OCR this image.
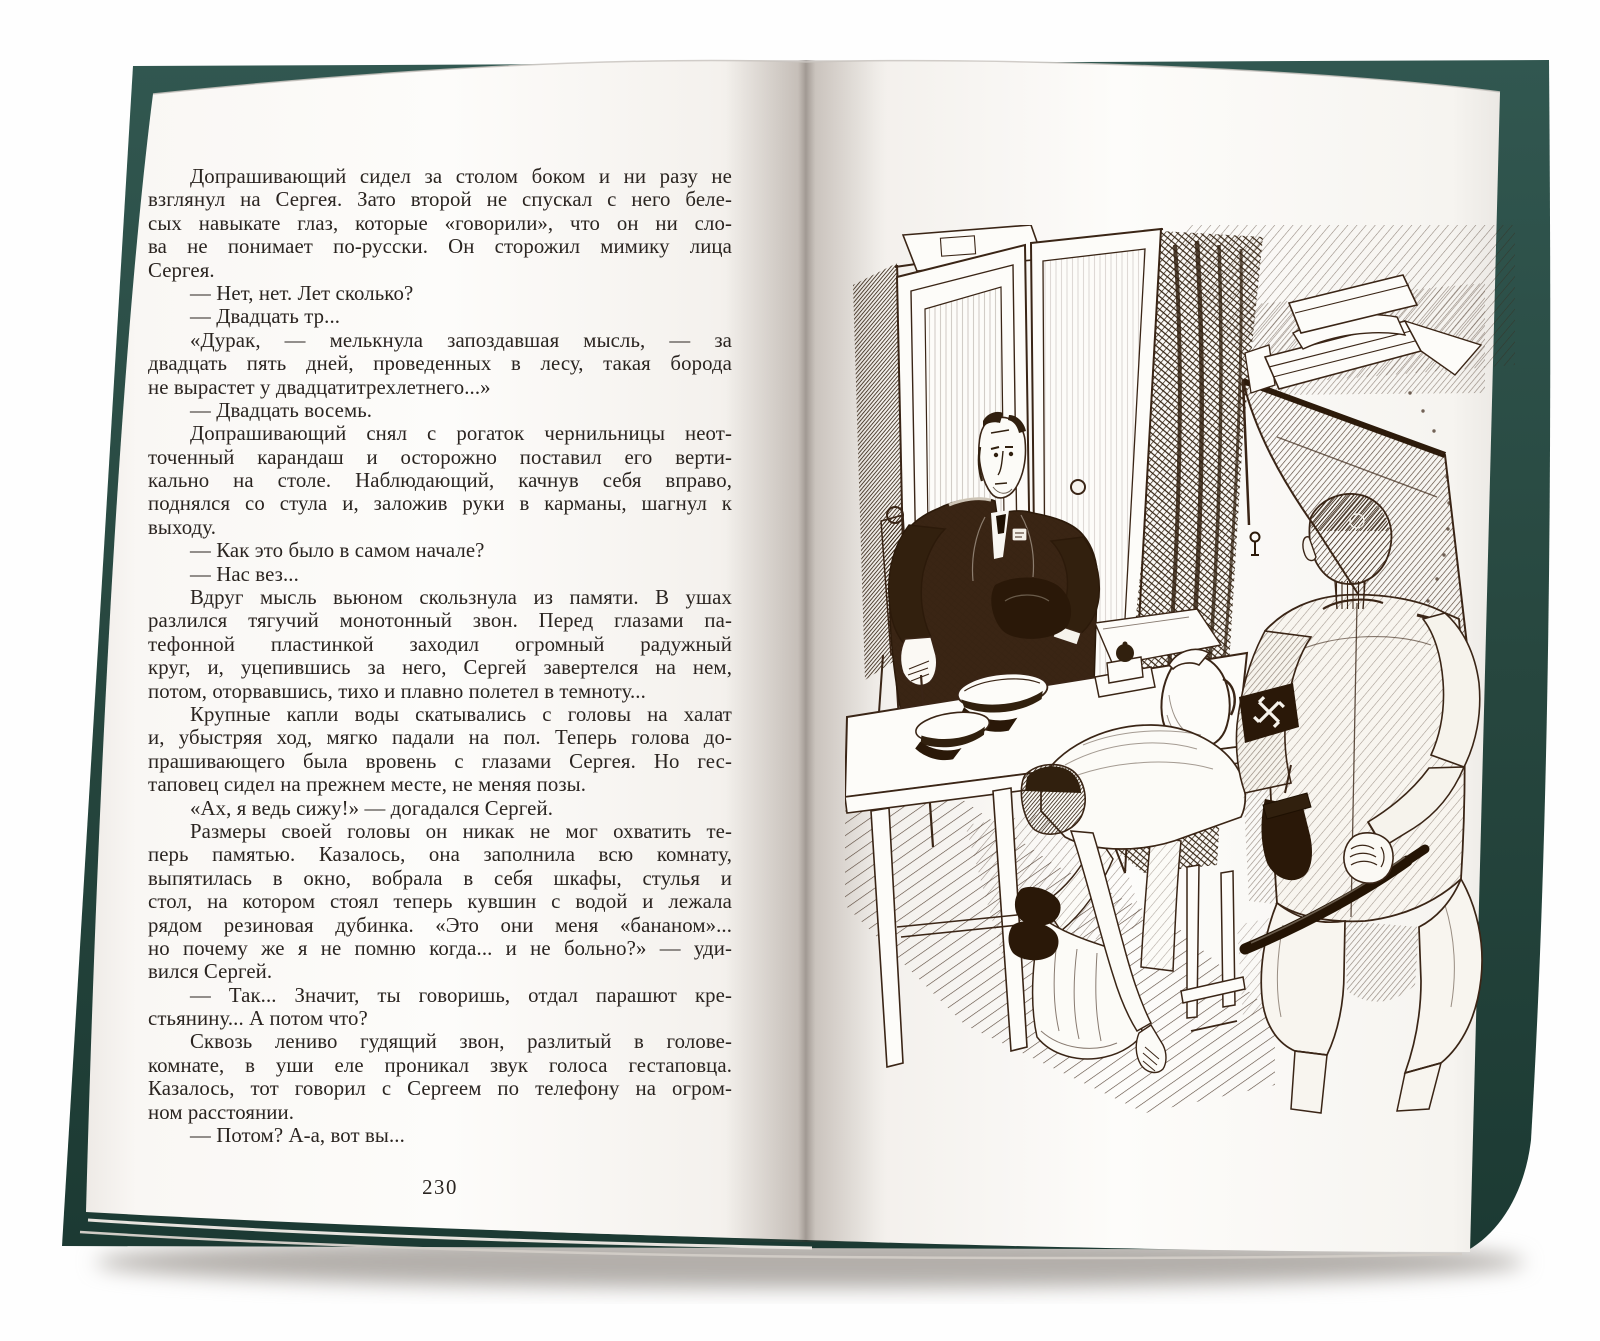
Допрашивающий сидел за столом боком и ни разу не
взглянул на Сергея. Зато второй не спускал с него беле-
сых навыкате глаз, которые «говорили», что он ни сло-
ва не понимает по-русски. Он сторожил мимику лица
Сергея.
— Нет, нет. Лет сколько?
— Двадцать тр...
«Дурак, — мелькнула запоздавшая мысль, — за
двадцать пять дней, проведенных в лесу, такая борода
не вырастет у двадцатитрехлетнего...»
— Двадцать восемь.
Допрашивающий снял с рогаток чернильницы неот-
точенный карандаш и осторожно поставил его верти-
кально на столе. Наблюдающий, качнув себя вправо,
поднялся со стула и, заложив руки в карманы, шагнул к
выходу.
— Как это было в самом начале?
— Нас вез...
Вдруг мысль вьюном скользнула из памяти. В ушах
разлился тягучий монотонный звон. Перед глазами па-
тефонной пластинкой заходил огромный радужный
круг, и, уцепившись за него, Сергей завертелся на нем,
потом, оторвавшись, тихо и плавно полетел в темноту...
Крупные капли воды скатывались с головы на халат
и, убыстряя ход, мягко падали на пол. Теперь голова до-
прашивающего была вровень с глазами Сергея. Но гес-
таповец сидел на прежнем месте, не меняя позы.
«Ах, я ведь сижу!» — догадался Сергей.
Размеры своей головы он никак не мог охватить те-
перь памятью. Казалось, она заполнила всю комнату,
выпятилась в окно, вобрала в себя шкафы, стулья и
стол, на котором стоял теперь кувшин с водой и лежала
рядом резиновая дубинка. «Это они меня «бананом»...
но почему же я не помню когда... и не больно?» — уди-
вился Сергей.
— Так... Значит, ты говоришь, отдал парашют кре-
стьянину... А потом что?
Сквозь лениво гудящий звон, разлитый в голове-
комнате, в уши еле проникал звук голоса гестаповца.
Казалось, тот говорил с Сергеем по телефону на огром-
ном расстоянии.
— Потом? А-а, вот вы...
230
